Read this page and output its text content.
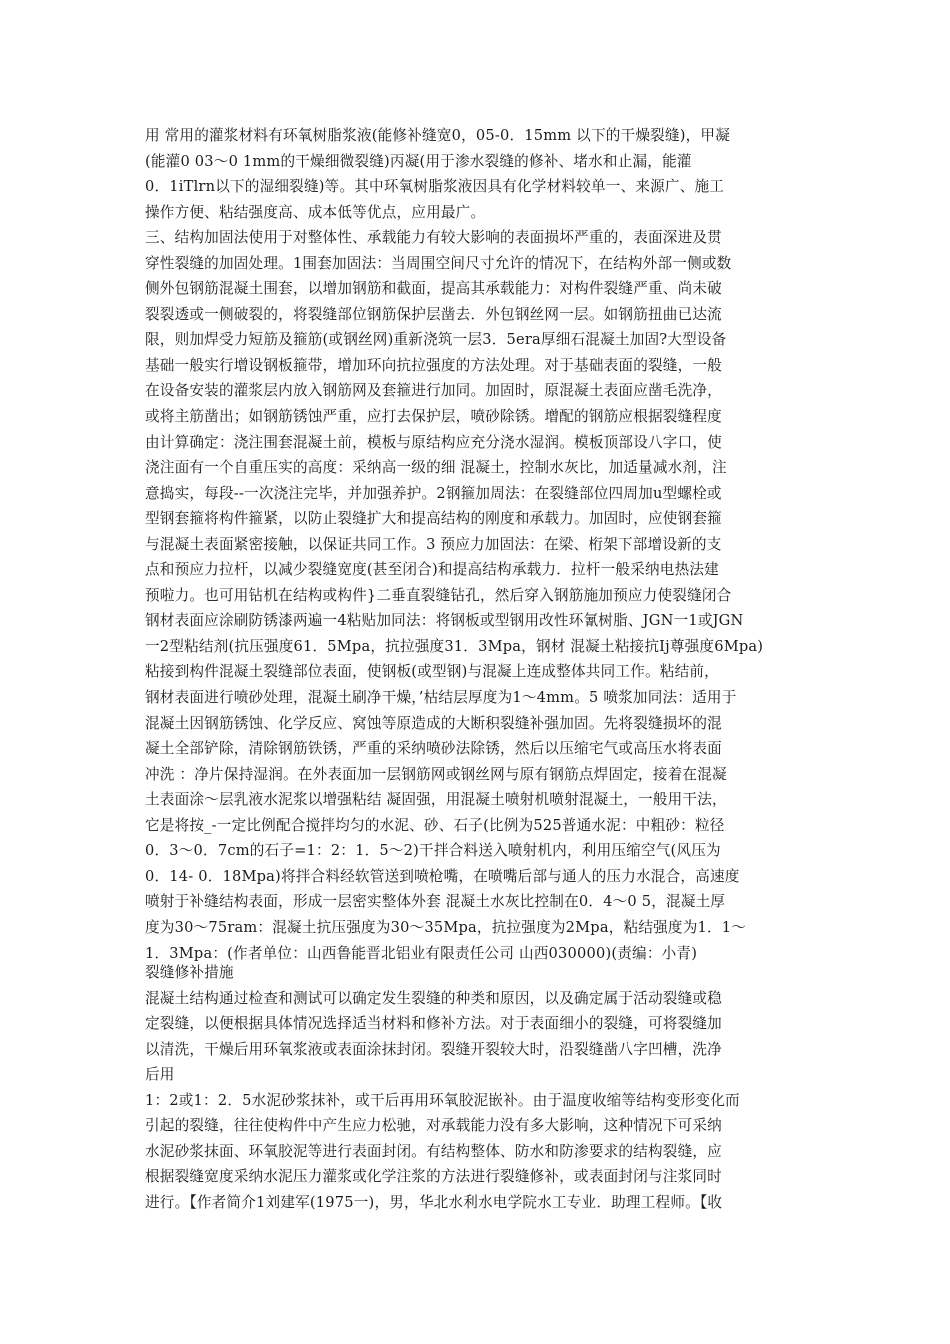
用 常用的灌浆材料有环氧树脂浆液(能修补缝宽0，05-0．15mm 以下的干燥裂缝)，甲凝
(能灌0 03～0 1mm的干燥细微裂缝)丙凝(用于渗水裂缝的修补、堵水和止漏，能灌
0．1iTlrn以下的湿细裂缝)等。其中环氧树脂浆液因具有化学材料较单一、来源广、施工
操作方便、粘结强度高、成本低等优点，应用最广。
三、结构加固法使用于对整体性、承载能力有较大影响的表面损坏严重的，表面深进及贯
穿性裂缝的加固处理。1围套加固法：当周围空间尺寸允许的情况下，在结构外部一侧或数
侧外包钢筋混凝土围套，以增加钢筋和截面，提高其承载能力：对构件裂缝严重、尚未破
裂裂透或一侧破裂的，将裂缝部位钢筋保护层凿去．外包钢丝网一层。如钢筋扭曲已达流
限，则加焊受力短筋及箍筋(或钢丝网)重新浇筑一层3．5era厚细石混凝土加固?大型设备
基础一般实行增设钢板箍带，增加环向抗拉强度的方法处理。对于基础表面的裂缝，一般
在设备安装的灌浆层内放入钢筋网及套箍进行加同。加固时，原混凝土表面应凿毛洗净，
或将主筋凿出；如钢筋锈蚀严重，应打去保护层，喷砂除锈。增配的钢筋应根据裂缝程度
由计算确定：浇注围套混凝土前，模板与原结构应充分浇水湿润。模板顶部设八字口，使
浇注面有一个自重压实的高度：采纳高一级的细 混凝土，控制水灰比，加适量减水剂，注
意捣实，每段--一次浇注完毕，并加强养护。2钢箍加周法：在裂缝部位四周加u型螺栓或
型钢套箍将构件箍紧，以防止裂缝扩大和提高结构的刚度和承载力。加固时，应使钢套箍
与混凝土表面紧密接触，以保证共同工作。3 预应力加固法：在梁、桁架下部增设新的支
点和预应力拉杆，以减少裂缝宽度(甚至闭合)和提高结构承载力．拉杆一般采纳电热法建
预啦力。也可用钻机在结构或构件}二垂直裂缝钻孔，然后穿入钢筋施加预应力使裂缝闭合
钢材表面应涂刷防锈漆两遍一4粘贴加同法：将钢板或型钢用改性环氰树脂、JGN一1或JGN
一2型粘结剂(抗压强度61．5Mpa，抗拉强度31．3Mpa，钢材 混凝土粘接抗Ij尊强度6Mpa)
粘接到构件混凝土裂缝部位表面，使钢板(或型钢)与混凝上连成整体共同工作。粘结前，
钢材表面进行喷砂处理，混凝土刷净干燥，’枯结层厚度为1～4mm。5 喷浆加同法：适用于
混凝土因钢筋锈蚀、化学反应、窝蚀等原造成的大断积裂缝补强加固。先将裂缝损坏的混
凝土全部铲除，清除钢筋铁锈，严重的采纳喷砂法除锈，然后以压缩宅气或高压水将表面
冲洗 ：净片保持湿润。在外表面加一层钢筋网或钢丝网与原有钢筋点焊固定，接着在混凝
土表面涂～层乳液水泥浆以增强粘结 凝固强，用混凝土喷射机喷射混凝土，一般用干法，
它是将按_-一定比例配合搅拌均匀的水泥、砂、石子(比例为525普通水泥：中粗砂：粒径
0．3～0．7cm的石子=1：2：1．5～2)干拌合料送入喷射机内，利用压缩空气(风压为
0．14- 0．18Mpa)将拌合料经软管送到喷枪嘴，在喷嘴后部与通人的压力水混合，高速度
喷射于补缝结构表面，形成一层密实整体外套 混凝土水灰比控制在0．4～0 5，混凝土厚
度为30～75ram：混凝土抗压强度为30～35Mpa，抗拉强度为2Mpa，粘结强度为1．1～
1．3Mpa：(作者单位：山西鲁能晋北铝业有限责任公司 山西030000)(责编：小青)
裂缝修补措施
混凝土结构通过检查和测试可以确定发生裂缝的种类和原因，以及确定属于活动裂缝或稳
定裂缝，以便根据具体情况选择适当材料和修补方法。对于表面细小的裂缝，可将裂缝加
以清洗，干燥后用环氧浆液或表面涂抹封闭。裂缝开裂较大时，沿裂缝凿八字凹槽，洗净
后用
1：2或1：2．5水泥砂浆抹补，或干后再用环氧胶泥嵌补。由于温度收缩等结构变形变化而
引起的裂缝，往往使构件中产生应力松驰，对承载能力没有多大影响，这种情况下可采纳
水泥砂浆抹面、环氧胶泥等进行表面封闭。有结构整体、防水和防渗要求的结构裂缝，应
根据裂缝宽度采纳水泥压力灌浆或化学注浆的方法进行裂缝修补，或表面封闭与注浆同时
进行。【作者简介1刘建军(1975一)，男，华北水利水电学院水工专业．助理工程师。【收
